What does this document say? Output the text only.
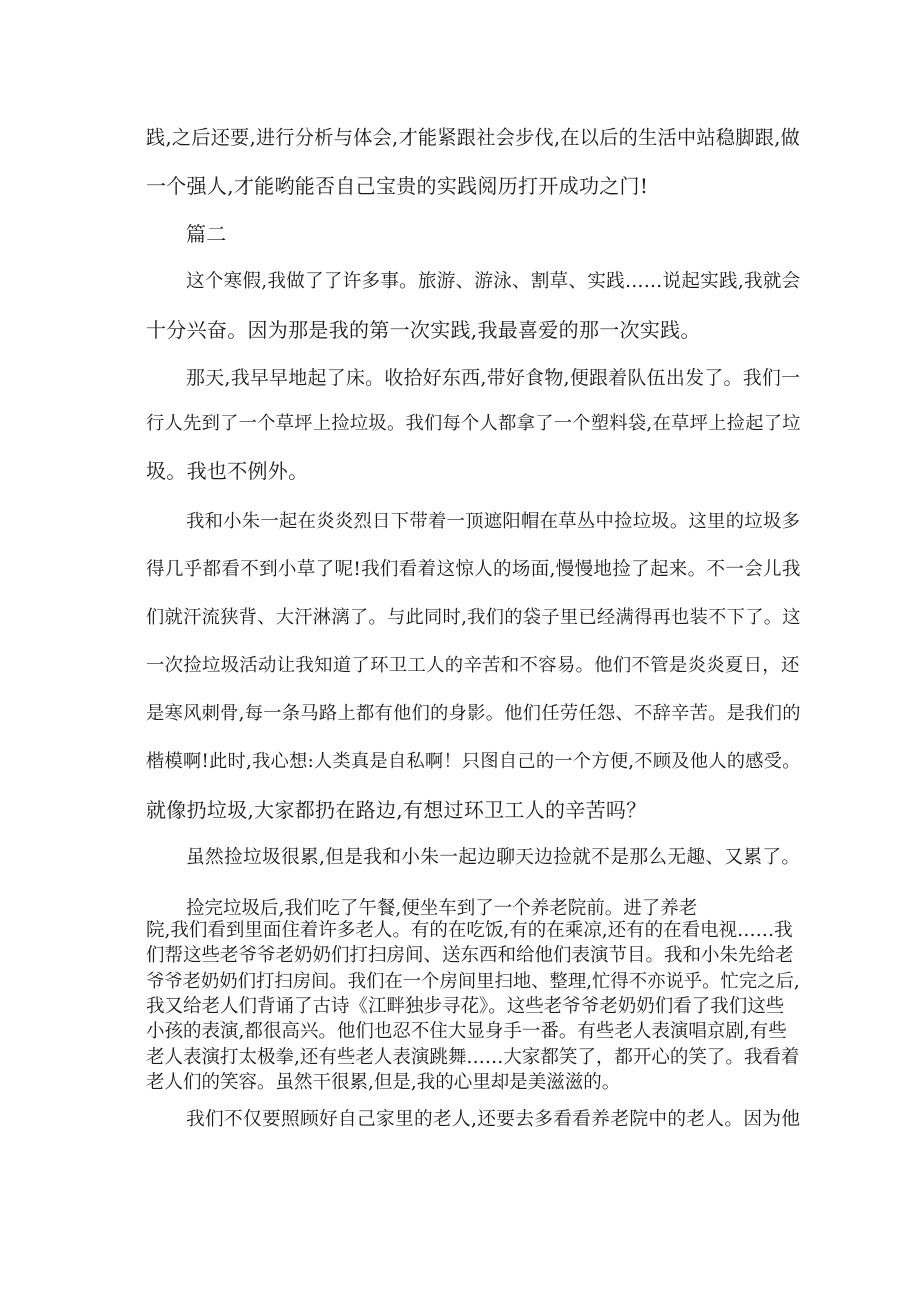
践,之后还要,进行分析与体会,才能紧跟社会步伐,在以后的生活中站稳脚跟,做
一个强人,才能哟能否自己宝贵的实践阅历打开成功之门!
篇二
这个寒假,我做了了许多事。旅游、游泳、割草、实践……说起实践,我就会
十分兴奋。因为那是我的第一次实践,我最喜爱的那一次实践。
那天,我早早地起了床。收拾好东西,带好食物,便跟着队伍出发了。我们一
行人先到了一个草坪上捡垃圾。我们每个人都拿了一个塑料袋,在草坪上捡起了垃
圾。我也不例外。
我和小朱一起在炎炎烈日下带着一顶遮阳帽在草丛中捡垃圾。这里的垃圾多
得几乎都看不到小草了呢!我们看着这惊人的场面,慢慢地捡了起来。不一会儿我
们就汗流狭背、大汗淋漓了。与此同时,我们的袋子里已经满得再也装不下了。这
一次捡垃圾活动让我知道了环卫工人的辛苦和不容易。他们不管是炎炎夏日，还
是寒风刺骨,每一条马路上都有他们的身影。他们任劳任怨、不辞辛苦。是我们的
楷模啊!此时,我心想:人类真是自私啊！只图自己的一个方便,不顾及他人的感受。
就像扔垃圾,大家都扔在路边,有想过环卫工人的辛苦吗？
虽然捡垃圾很累,但是我和小朱一起边聊天边捡就不是那么无趣、又累了。
捡完垃圾后,我们吃了午餐,便坐车到了一个养老院前。进了养老
院,我们看到里面住着许多老人。有的在吃饭,有的在乘凉,还有的在看电视……我
们帮这些老爷爷老奶奶们打扫房间、送东西和给他们表演节目。我和小朱先给老
爷爷老奶奶们打扫房间。我们在一个房间里扫地、整理,忙得不亦说乎。忙完之后,
我又给老人们背诵了古诗《江畔独步寻花》。这些老爷爷老奶奶们看了我们这些
小孩的表演,都很高兴。他们也忍不住大显身手一番。有些老人表演唱京剧,有些
老人表演打太极拳,还有些老人表演跳舞……大家都笑了，都开心的笑了。我看着
老人们的笑容。虽然干很累,但是,我的心里却是美滋滋的。
我们不仅要照顾好自己家里的老人,还要去多看看养老院中的老人。因为他
